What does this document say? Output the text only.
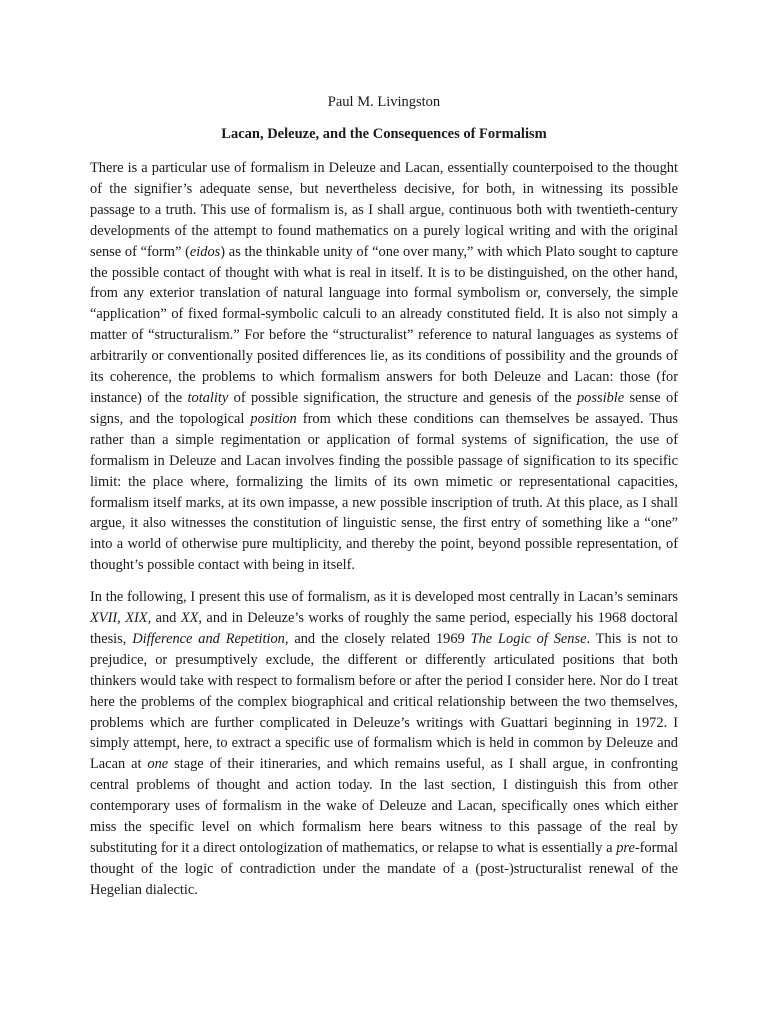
Paul M. Livingston
Lacan, Deleuze, and the Consequences of Formalism

There is a particular use of formalism in Deleuze and Lacan, essentially counterpoised to the thought of the signifier’s adequate sense, but nevertheless decisive, for both, in witnessing its possible passage to a truth. This use of formalism is, as I shall argue, continuous both with twentieth-century developments of the attempt to found mathematics on a purely logical writing and with the original sense of “form” (eidos) as the thinkable unity of “one over many,” with which Plato sought to capture the possible contact of thought with what is real in itself. It is to be distinguished, on the other hand, from any exterior translation of natural language into formal symbolism or, conversely, the simple “application” of fixed formal-symbolic calculi to an already constituted field. It is also not simply a matter of “structuralism.” For before the “structuralist” reference to natural languages as systems of arbitrarily or conventionally posited differences lie, as its conditions of possibility and the grounds of its coherence, the problems to which formalism answers for both Deleuze and Lacan: those (for instance) of the totality of possible signification, the structure and genesis of the possible sense of signs, and the topological position from which these conditions can themselves be assayed. Thus rather than a simple regimentation or application of formal systems of signification, the use of formalism in Deleuze and Lacan involves finding the possible passage of signification to its specific limit: the place where, formalizing the limits of its own mimetic or representational capacities, formalism itself marks, at its own impasse, a new possible inscription of truth. At this place, as I shall argue, it also witnesses the constitution of linguistic sense, the first entry of something like a “one” into a world of otherwise pure multiplicity, and thereby the point, beyond possible representation, of thought’s possible contact with being in itself.

In the following, I present this use of formalism, as it is developed most centrally in Lacan’s seminars XVII, XIX, and XX, and in Deleuze’s works of roughly the same period, especially his 1968 doctoral thesis, Difference and Repetition, and the closely related 1969 The Logic of Sense. This is not to prejudice, or presumptively exclude, the different or differently articulated positions that both thinkers would take with respect to formalism before or after the period I consider here. Nor do I treat here the problems of the complex biographical and critical relationship between the two themselves, problems which are further complicated in Deleuze’s writings with Guattari beginning in 1972. I simply attempt, here, to extract a specific use of formalism which is held in common by Deleuze and Lacan at one stage of their itineraries, and which remains useful, as I shall argue, in confronting central problems of thought and action today. In the last section, I distinguish this from other contemporary uses of formalism in the wake of Deleuze and Lacan, specifically ones which either miss the specific level on which formalism here bears witness to this passage of the real by substituting for it a direct ontologization of mathematics, or relapse to what is essentially a pre-formal thought of the logic of contradiction under the mandate of a (post-)structuralist renewal of the Hegelian dialectic.
